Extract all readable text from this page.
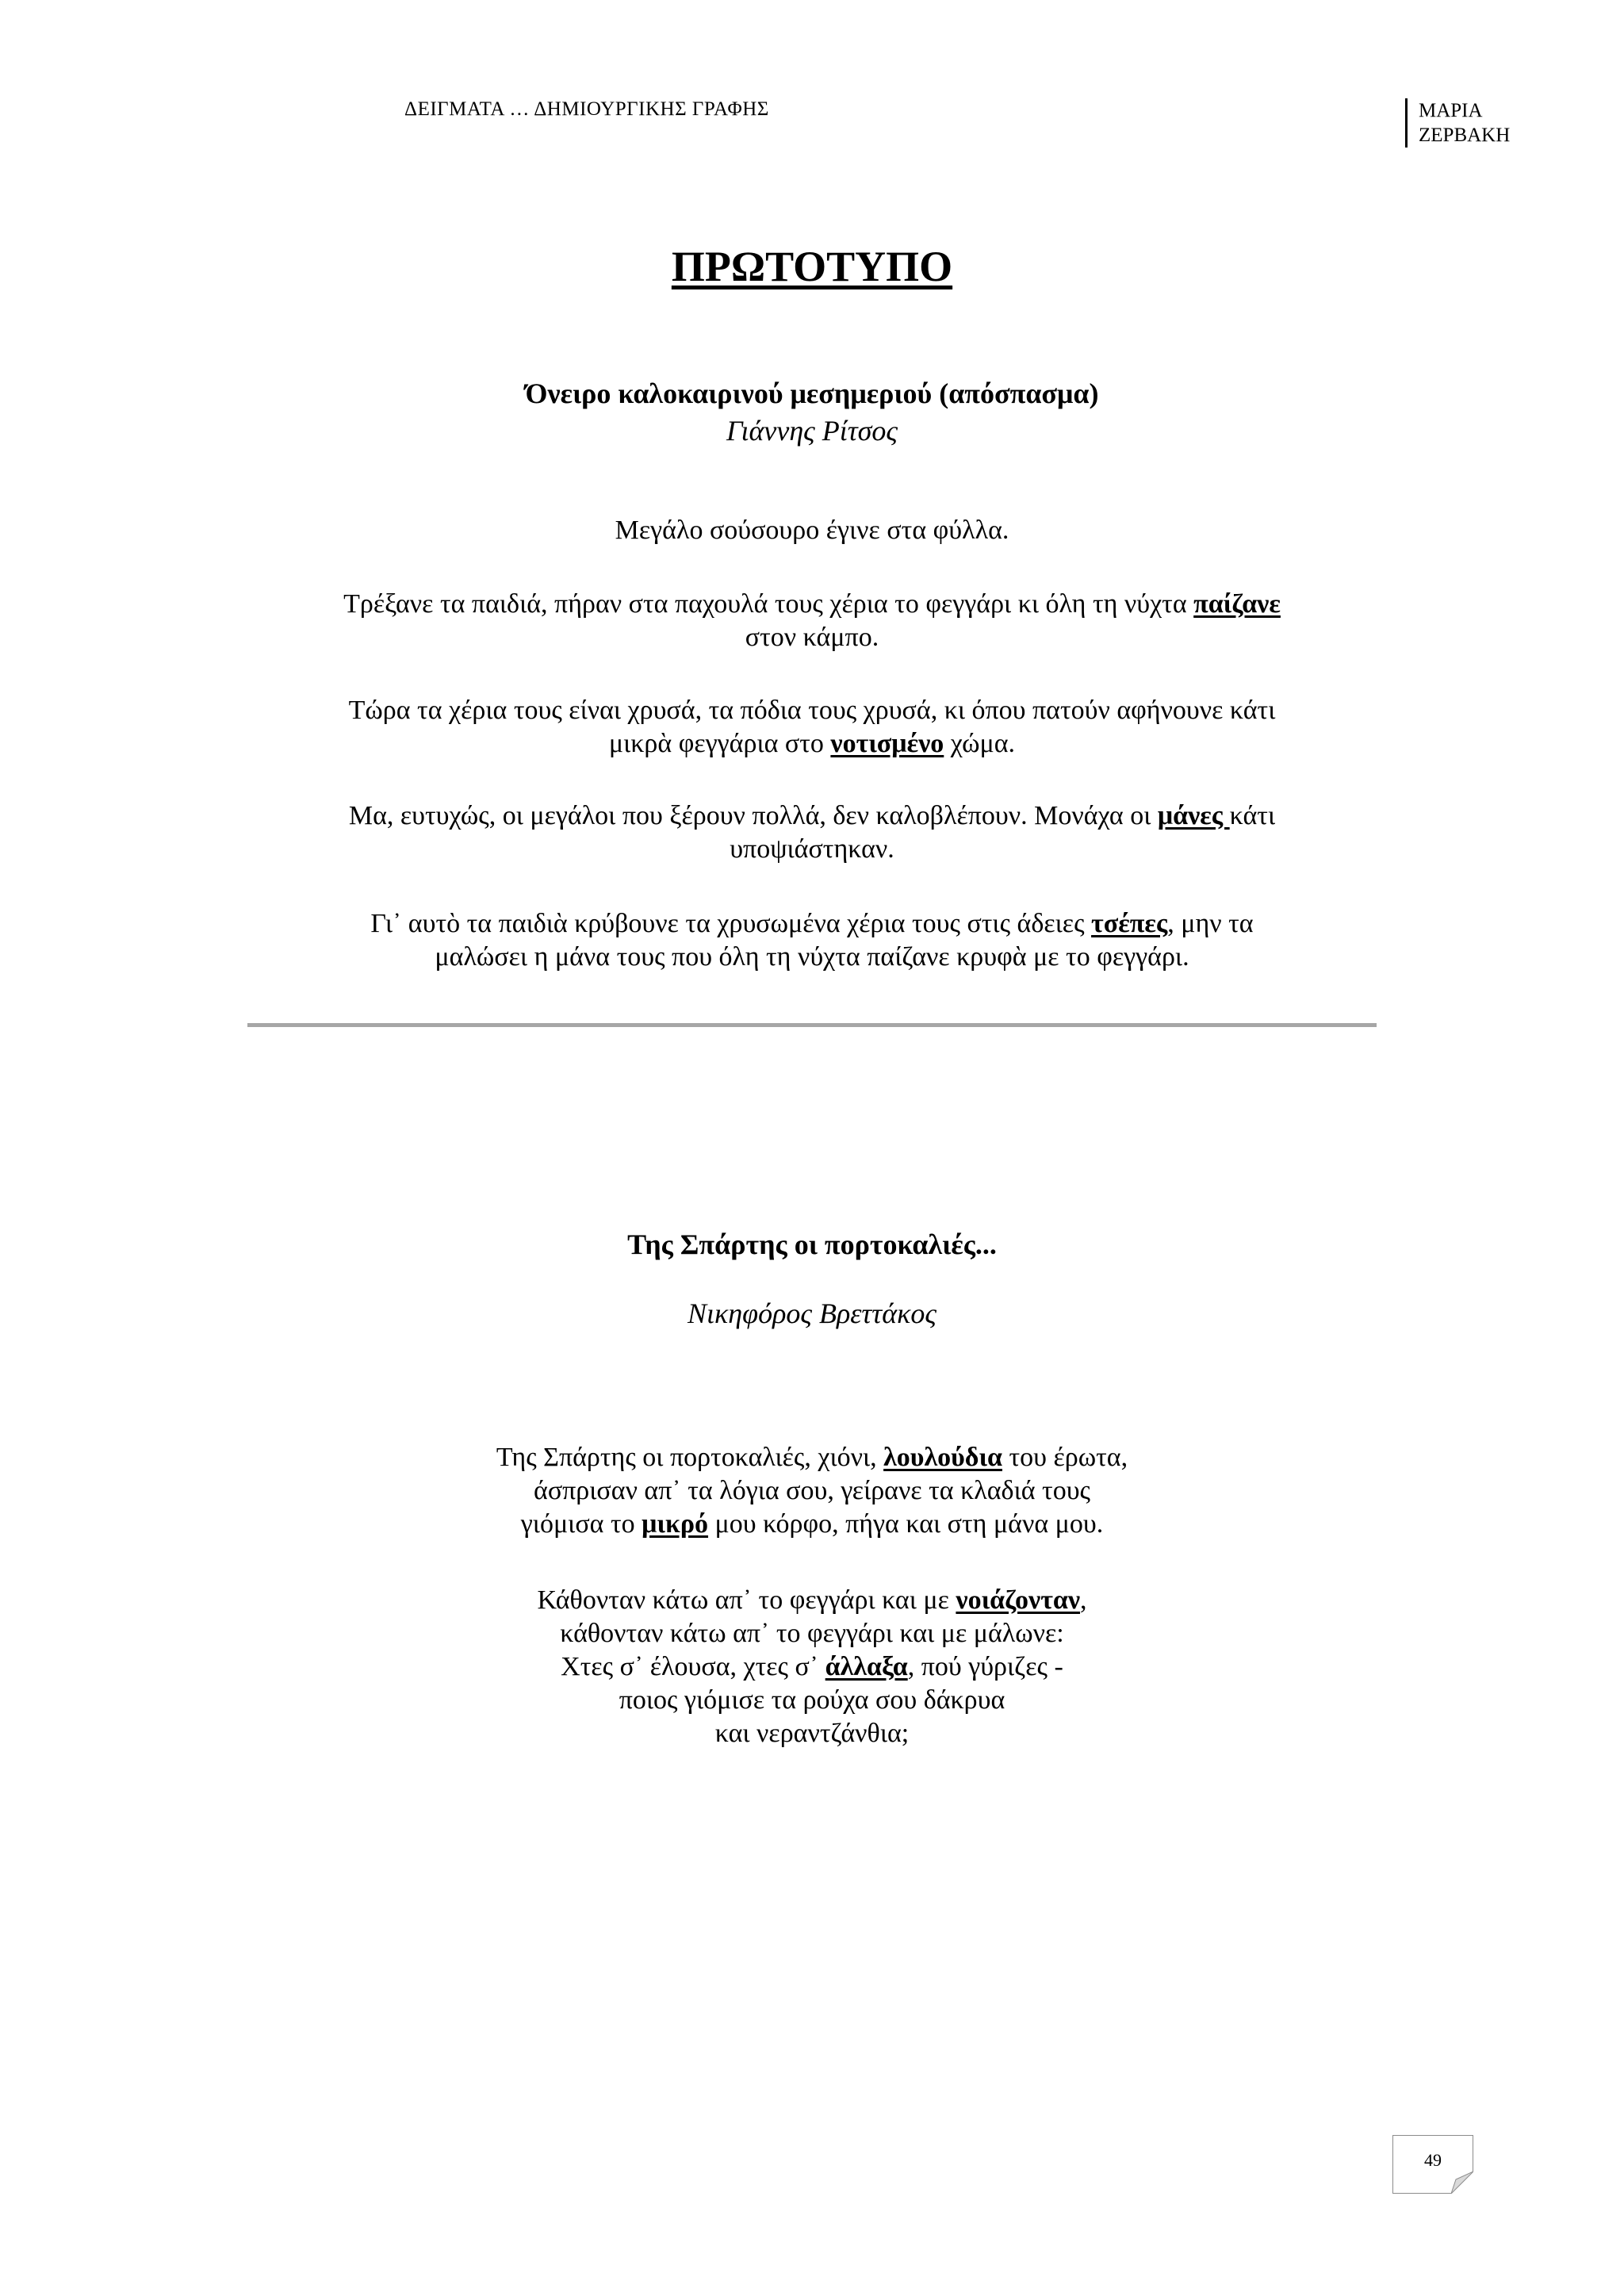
ΔΕΙΓΜΑΤΑ … ΔΗΜΙΟΥΡΓΙΚΗΣ ΓΡΑΦΗΣ	ΜΑΡΙΑ
ΖΕΡΒΑΚΗ
ΠΡΩΤΟΤΥΠΟ
Όνειρο καλοκαιρινού μεσημεριού (απόσπασμα)
Γιάννης Ρίτσος
Μεγάλο σούσουρο έγινε στα φύλλα.
Τρέξανε τα παιδιά, πήραν στα παχουλά τους χέρια το φεγγάρι κι όλη τη νύχτα παίζανε
στον κάμπο.
Τώρα τα χέρια τους είναι χρυσά, τα πόδια τους χρυσά, κι όπου πατούν αφήνουνε κάτι
μικρὰ φεγγάρια στο νοτισμένο χώμα.
Μα, ευτυχώς, οι μεγάλοι που ξέρουν πολλά, δεν καλοβλέπουν. Μονάχα οι μάνες κάτι
υποψιάστηκαν.
Γι᾽ αυτὸ τα παιδιὰ κρύβουνε τα χρυσωμένα χέρια τους στις άδειες τσέπες, μην τα
μαλώσει η μάνα τους που όλη τη νύχτα παίζανε κρυφὰ με το φεγγάρι.
Της Σπάρτης οι πορτοκαλιές...
Νικηφόρος Βρεττάκος
Της Σπάρτης οι πορτοκαλιές, χιόνι, λουλούδια του έρωτα,
άσπρισαν απ᾽ τα λόγια σου, γείρανε τα κλαδιά τους
γιόμισα το μικρό μου κόρφο, πήγα και στη μάνα μου.
Κάθονταν κάτω απ᾽ το φεγγάρι και με νοιάζονταν,
κάθονταν κάτω απ᾽ το φεγγάρι και με μάλωνε:
Χτες σ᾽ έλουσα, χτες σ᾽ άλλαξα, πού γύριζες -
ποιος γιόμισε τα ρούχα σου δάκρυα
και νεραντζάνθια;
49
